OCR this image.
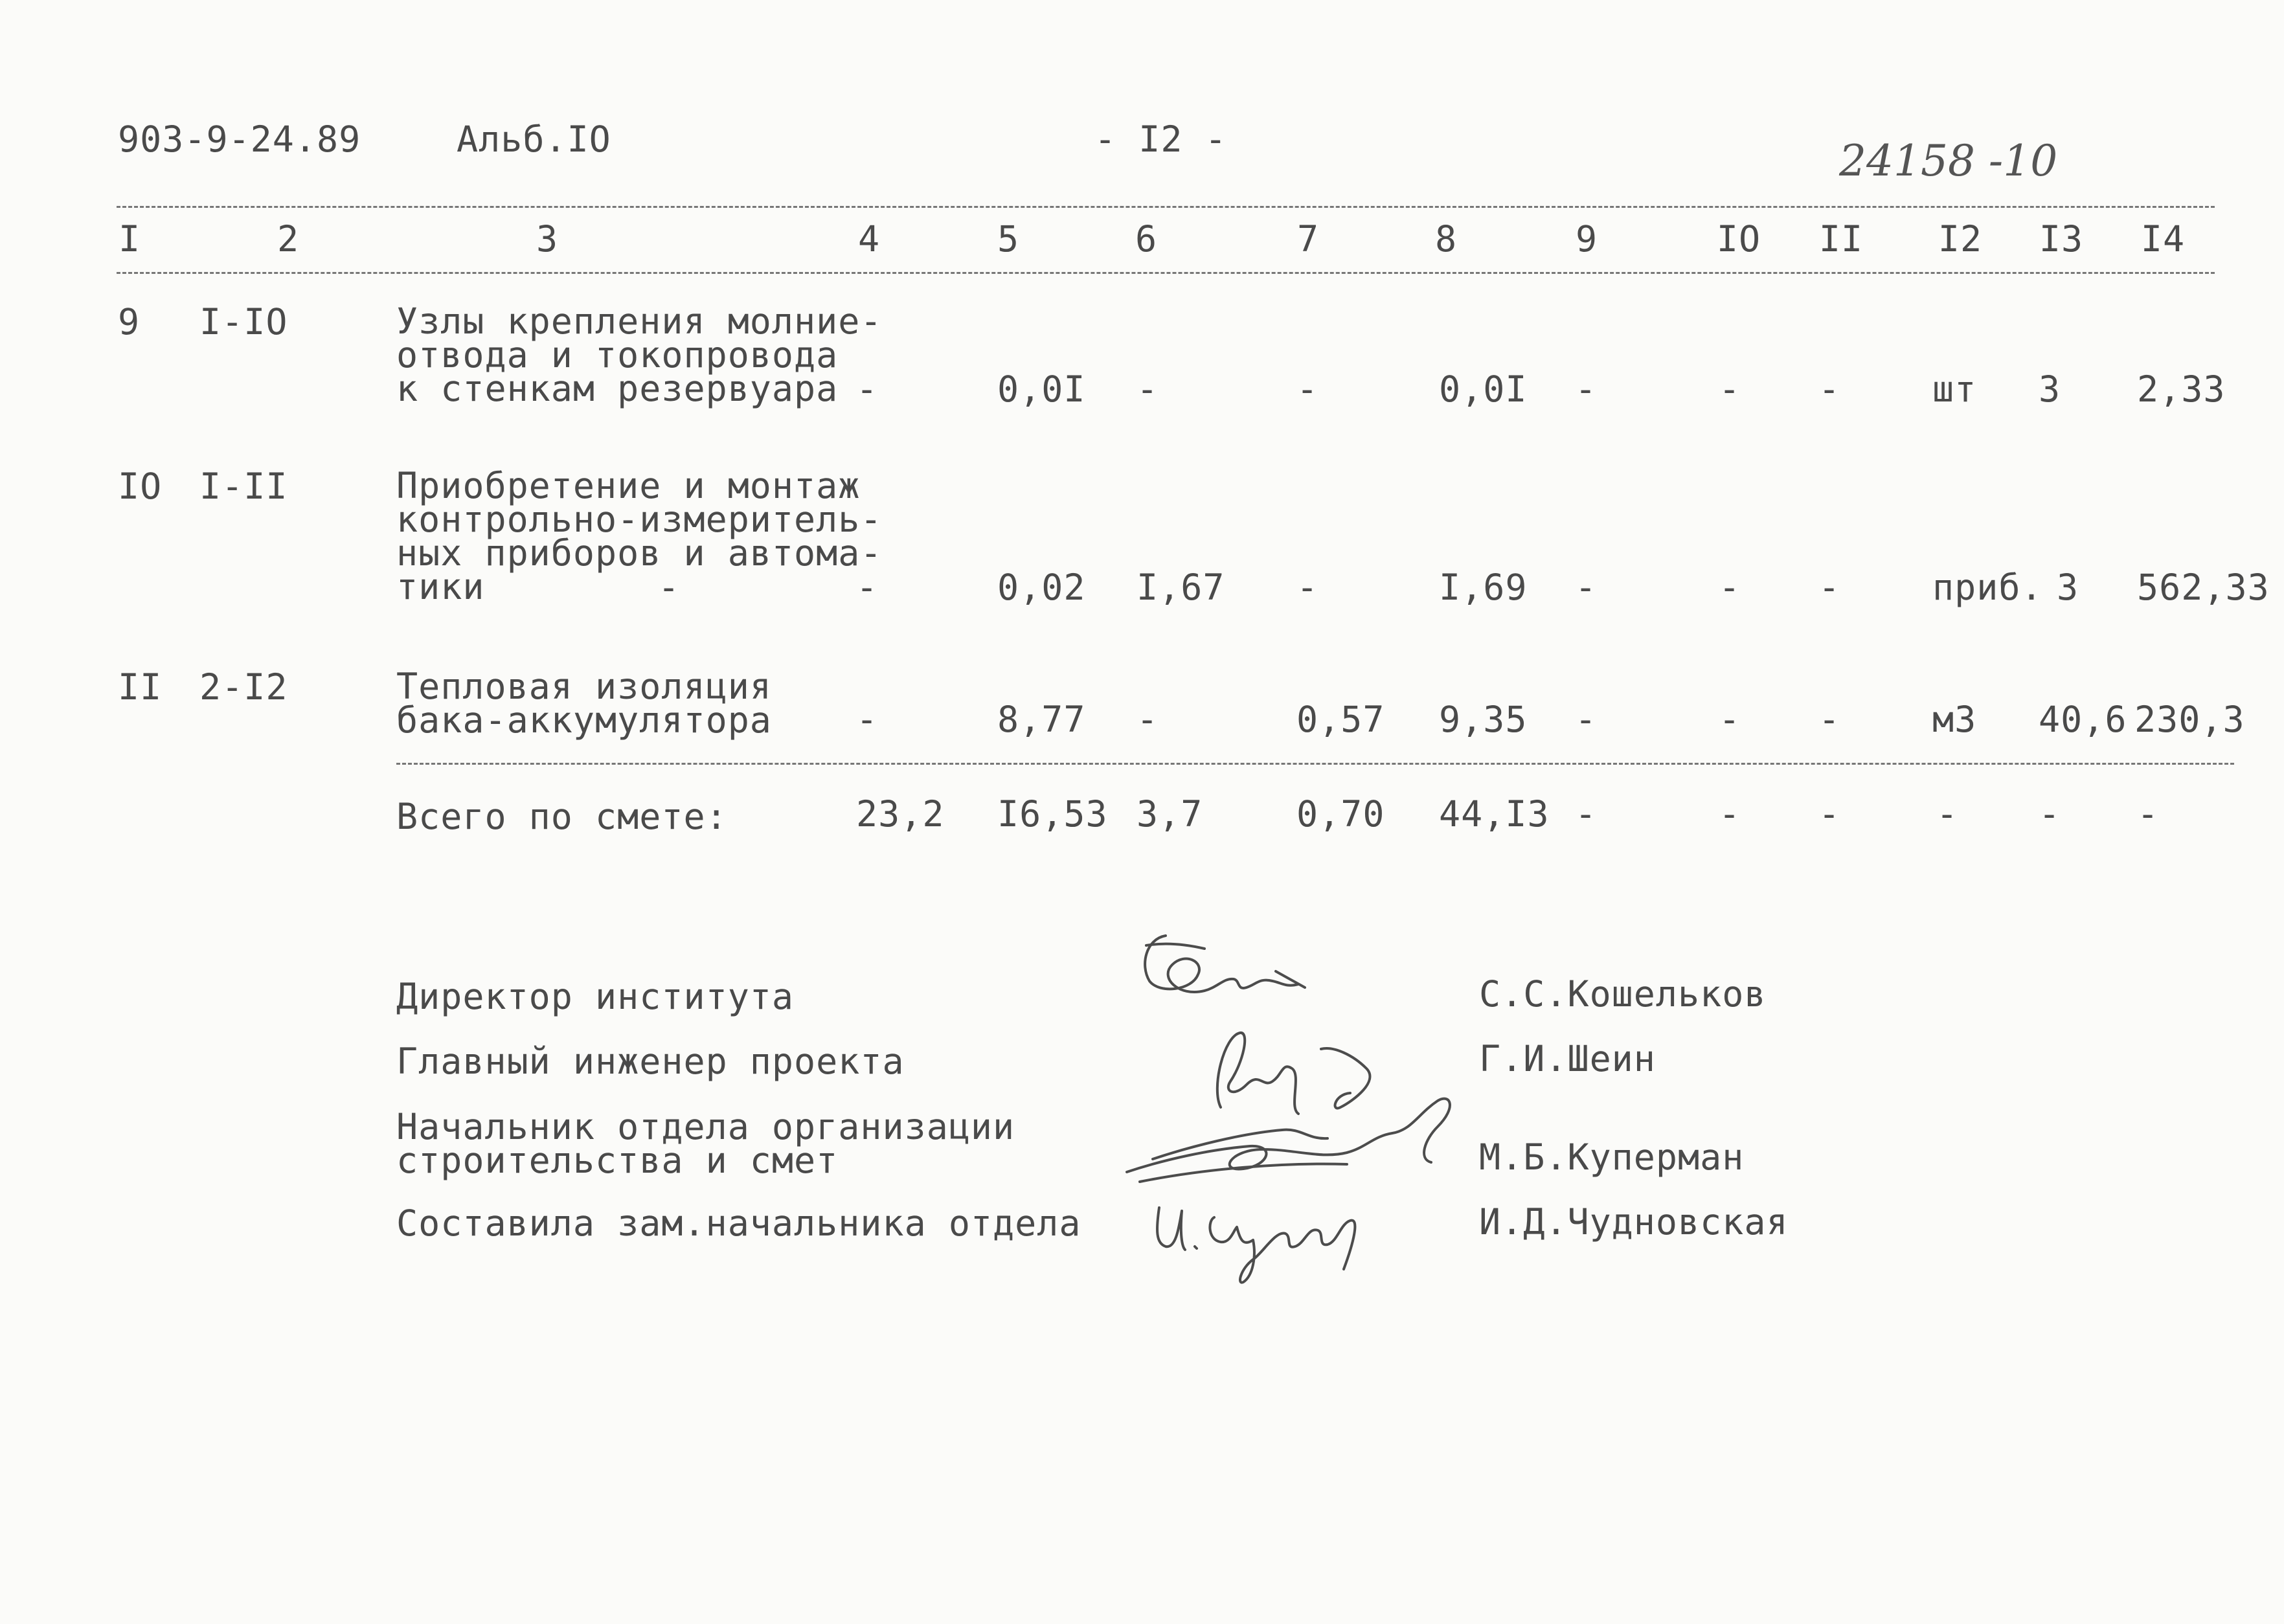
903-9-24.89	Альб.IO	- I2 -	24158 -10
I	2	3	4	5	6	7	8	9	IO II I2 I3 I4
9 I-IO	Узлы крепления молние-
отвода и токопровода
к стенкам резервуара -	0,0I -	-	0,0I -	- -	шт 3 2,33
IO I-II	Приобретение и монтаж
контрольно-измеритель-
ных приборов и автома-
тики	-	-	0,02 I,67 -	I,69 -	- -	приб. 3 562,33
II 2-I2	Тепловая изоляция
бака-аккумулятора -	8,77 -	0,57 9,35 -	- -	м3 40,6 230,3
Всего по смете:	23,2 I6,53 3,7	0,70 44,I3 -	- -	- - -
Директор института	С.С.Кошельков
Главный инженер проекта	Г.И.Шеин
Начальник отдела организации
строительства и смет	М.Б.Куперман
Составила зам.начальника отдела	И.Д.Чудновская
